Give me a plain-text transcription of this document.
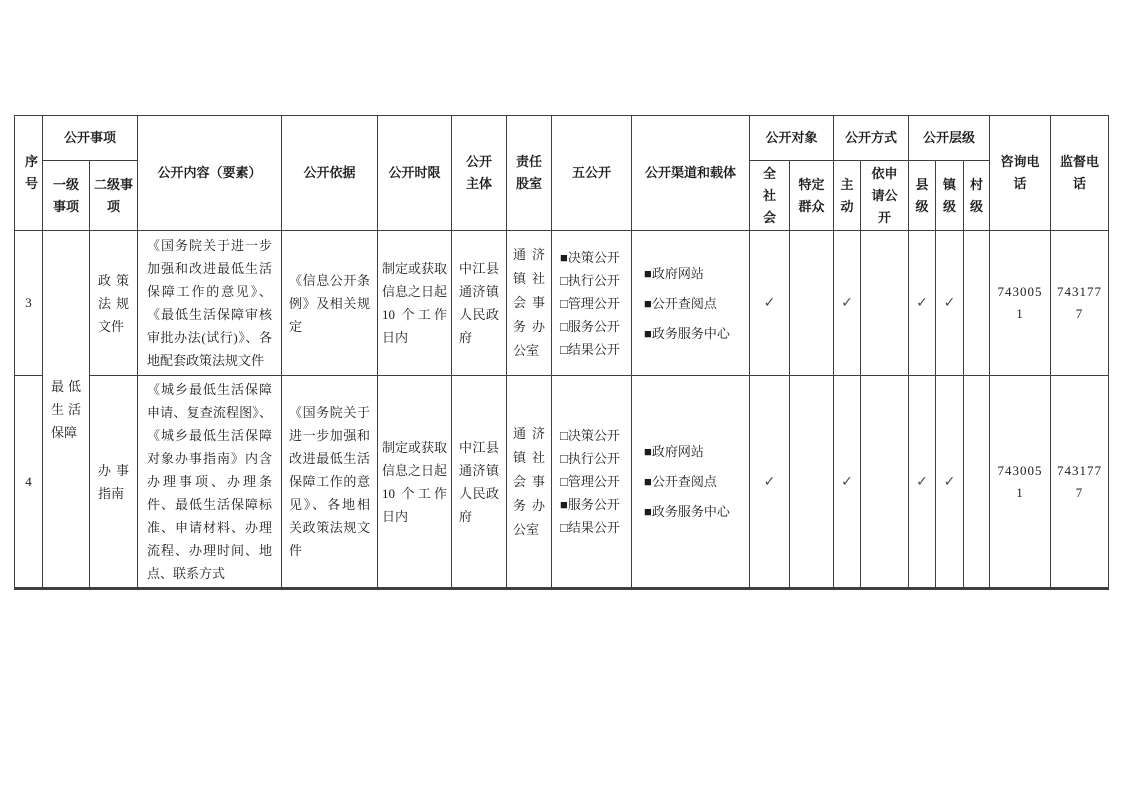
序号	公开事项		公开内容（要素）	公开依据	公开时限	公开主体	责任股室	五公开	公开渠道和载体	公开对象		公开方式		公开层级			咨询电话	监督电话
	一级事项	二级事项								全社会	特定群众	主动	依申请公开	县级	镇级	村级		
3	最低生活保障	政策法规文件	《国务院关于进一步加强和改进最低生活保障工作的意见》、《最低生活保障审核审批办法(试行)》、各地配套政策法规文件	《信息公开条例》及相关规定	制定或获取信息之日起 10 个工作日内	中江县通济镇人民政府	通济镇社会事务办公室	■决策公开
□执行公开
□管理公开
□服务公开
□结果公开	■政府网站
■公开查阅点
■政务服务中心	✓		✓		✓	✓		7430051	7431777
4		办事指南	《城乡最低生活保障申请、复查流程图》、《城乡最低生活保障对象办事指南》内含办理事项、办理条件、最低生活保障标准、申请材料、办理流程、办理时间、地点、联系方式	《国务院关于进一步加强和改进最低生活保障工作的意见》、各地相关政策法规文件	制定或获取信息之日起 10 个工作日内	中江县通济镇人民政府	通济镇社会事务办公室	□决策公开
□执行公开
□管理公开
■服务公开
□结果公开	■政府网站
■公开查阅点
■政务服务中心	✓		✓		✓	✓		7430051	7431777
